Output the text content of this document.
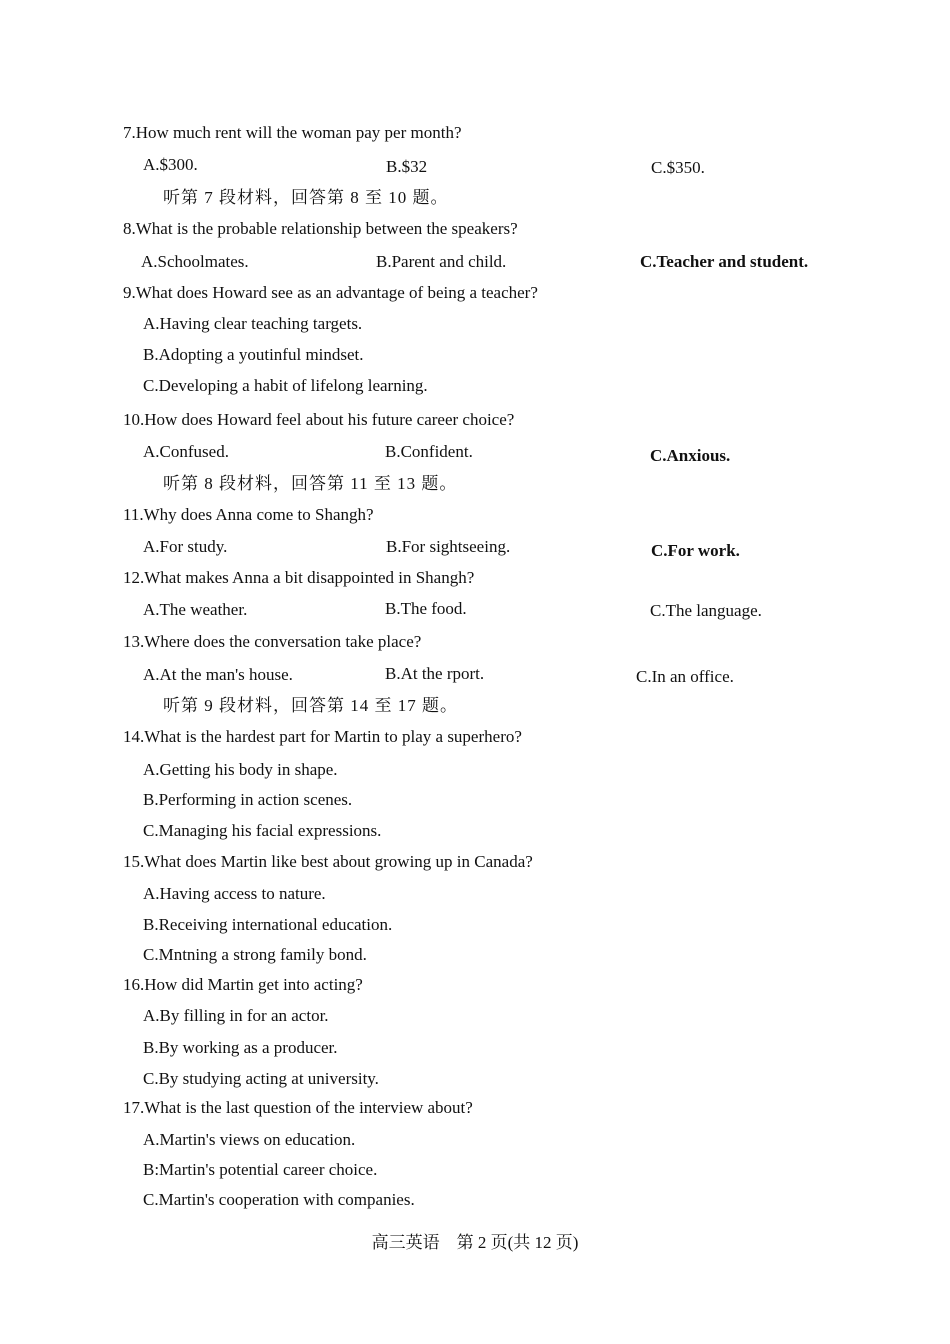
7.How much rent will the woman pay per month?
A.$300.	B.$32	C.$350.
听第 7 段材料，回答第 8 至 10 题。
8.What is the probable relationship between the speakers?
A.Schoolmates.	B.Parent and child.	C.Teacher and student.
9.What does Howard see as an advantage of being a teacher?
A.Having clear teaching targets.
B.Adopting a youtinful mindset.
C.Developing a habit of lifelong learning.
10.How does Howard feel about his future career choice?
A.Confused.	B.Confident.	C.Anxious.
听第 8 段材料，回答第 11 至 13 题。
11.Why does Anna come to Shangh?
A.For study.	B.For sightseeing.	C.For work.
12.What makes Anna a bit disappointed in Shangh?
A.The weather.	B.The food.	C.The language.
13.Where does the conversation take place?
A.At the man's house.	B.At the rport.	C.In an office.
听第 9 段材料，回答第 14 至 17 题。
14.What is the hardest part for Martin to play a superhero?
A.Getting his body in shape.
B.Performing in action scenes.
C.Managing his facial expressions.
15.What does Martin like best about growing up in Canada?
A.Having access to nature.
B.Receiving international education.
C.Mntning a strong family bond.
16.How did Martin get into acting?
A.By filling in for an actor.
B.By working as a producer.
C.By studying acting at university.
17.What is the last question of the interview about?
A.Martin's views on education.
B:Martin's potential career choice.
C.Martin's cooperation with companies.
高三英语　第 2 页(共 12 页)
